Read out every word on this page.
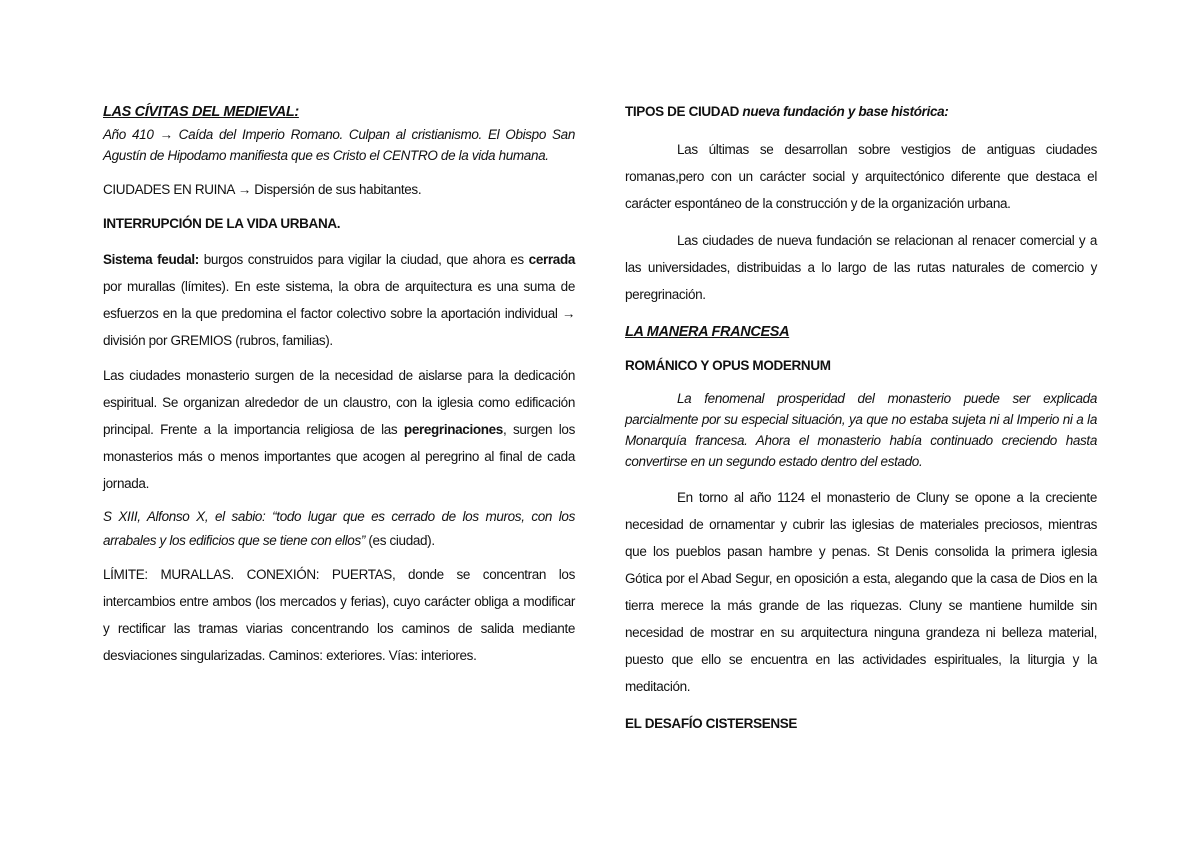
LAS CÍVITAS DEL MEDIEVAL:

Año 410 → Caída del Imperio Romano. Culpan al cristianismo. El Obispo San Agustín de Hipodamo manifiesta que es Cristo el CENTRO de la vida humana.

CIUDADES EN RUINA → Dispersión de sus habitantes.

INTERRUPCIÓN DE LA VIDA URBANA.

Sistema feudal: burgos construidos para vigilar la ciudad, que ahora es cerrada por murallas (límites). En este sistema, la obra de arquitectura es una suma de esfuerzos en la que predomina el factor colectivo sobre la aportación individual → división por GREMIOS (rubros, familias).

Las ciudades monasterio surgen de la necesidad de aislarse para la dedicación espiritual. Se organizan alrededor de un claustro, con la iglesia como edificación principal. Frente a la importancia religiosa de las peregrinaciones, surgen los monasterios más o menos importantes que acogen al peregrino al final de cada jornada.

S XIII, Alfonso X, el sabio: “todo lugar que es cerrado de los muros, con los arrabales y los edificios que se tiene con ellos” (es ciudad).

LÍMITE: MURALLAS. CONEXIÓN: PUERTAS, donde se concentran los intercambios entre ambos (los mercados y ferias), cuyo carácter obliga a modificar y rectificar las tramas viarias concentrando los caminos de salida mediante desviaciones singularizadas. Caminos: exteriores. Vías: interiores.

TIPOS DE CIUDAD nueva fundación y base histórica:

Las últimas se desarrollan sobre vestigios de antiguas ciudades romanas,pero con un carácter social y arquitectónico diferente que destaca el carácter espontáneo de la construcción y de la organización urbana.

Las ciudades de nueva fundación se relacionan al renacer comercial y a las universidades, distribuidas a lo largo de las rutas naturales de comercio y peregrinación.

LA MANERA FRANCESA
ROMÁNICO Y OPUS MODERNUM

La fenomenal prosperidad del monasterio puede ser explicada parcialmente por su especial situación, ya que no estaba sujeta ni al Imperio ni a la Monarquía francesa. Ahora el monasterio había continuado creciendo hasta convertirse en un segundo estado dentro del estado.

En torno al año 1124 el monasterio de Cluny se opone a la creciente necesidad de ornamentar y cubrir las iglesias de materiales preciosos, mientras que los pueblos pasan hambre y penas. St Denis consolida la primera iglesia Gótica por el Abad Segur, en oposición a esta, alegando que la casa de Dios en la tierra merece la más grande de las riquezas. Cluny se mantiene humilde sin necesidad de mostrar en su arquitectura ninguna grandeza ni belleza material, puesto que ello se encuentra en las actividades espirituales, la liturgia y la meditación.

EL DESAFÍO CISTERSENSE
